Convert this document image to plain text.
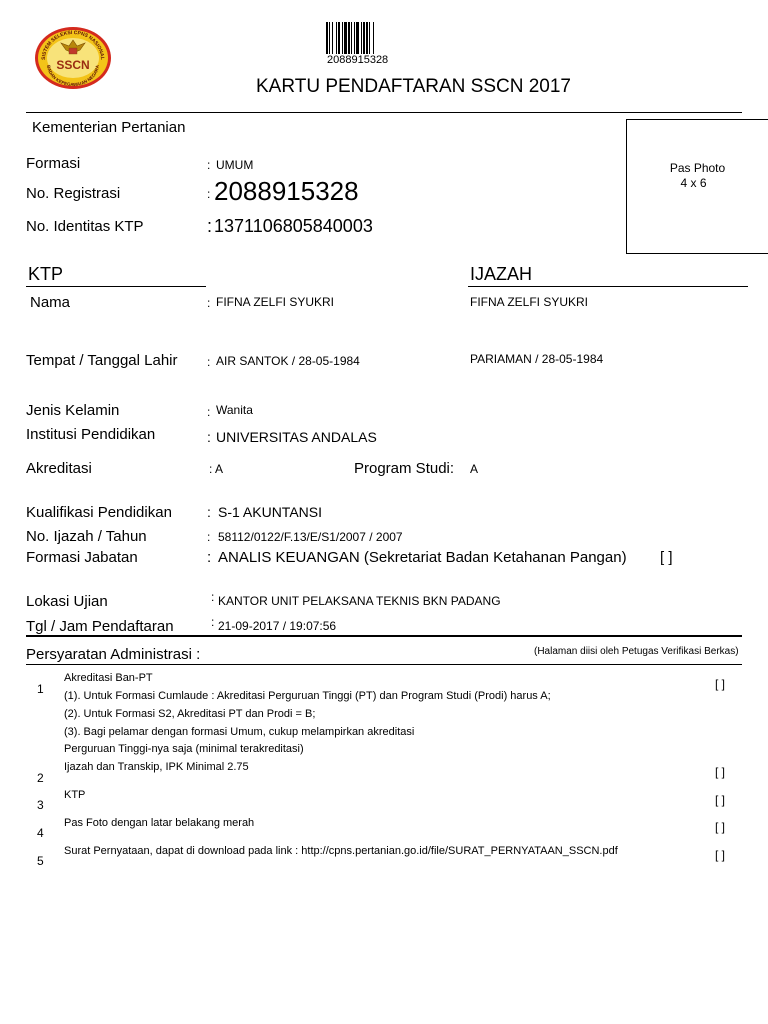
SISTEM SELEKSI CPNS NASIONAL
BADAN KEPEGAWAIAN NEGARA
SSCN	2088915328
KARTU PENDAFTARAN SSCN 2017
Kementerian Pertanian
Pas Photo
4 x 6
Formasi	: UMUM
No. Registrasi	: 2088915328
No. Identitas KTP	: 1371106805840003
KTP	IJAZAH
Nama	: FIFNA ZELFI SYUKRI	FIFNA ZELFI SYUKRI
Tempat / Tanggal Lahir : AIR SANTOK / 28-05-1984	PARIAMAN / 28-05-1984
Jenis Kelamin	: Wanita
Institusi Pendidikan	: UNIVERSITAS ANDALAS
Akreditasi	: A	Program Studi: A
Kualifikasi Pendidikan	: S-1 AKUNTANSI
No. Ijazah / Tahun	: 58112/0122/F.13/E/S1/2007 / 2007
Formasi Jabatan	: ANALIS KEUANGAN (Sekretariat Badan Ketahanan Pangan) [ ]
Lokasi Ujian	: KANTOR UNIT PELAKSANA TEKNIS BKN PADANG
Tgl / Jam Pendaftaran	: 21-09-2017 / 19:07:56
Persyaratan Administrasi :	(Halaman diisi oleh Petugas Verifikasi Berkas)
1
Akreditasi Ban-PT
(1). Untuk Formasi Cumlaude : Akreditasi Perguruan Tinggi (PT) dan Program Studi (Prodi) harus A;
(2). Untuk Formasi S2, Akreditasi PT dan Prodi = B;
(3). Bagi pelamar dengan formasi Umum, cukup melampirkan akreditasi
Perguruan Tinggi-nya saja (minimal terakreditasi)
[ ]
2
Ijazah dan Transkip, IPK Minimal 2.75	[ ]
3
KTP	[ ]
4
Pas Foto dengan latar belakang merah	[ ]
5
Surat Pernyataan, dapat di download pada link : http://cpns.pertanian.go.id/file/SURAT_PERNYATAAN_SSCN.pdf	[ ]
